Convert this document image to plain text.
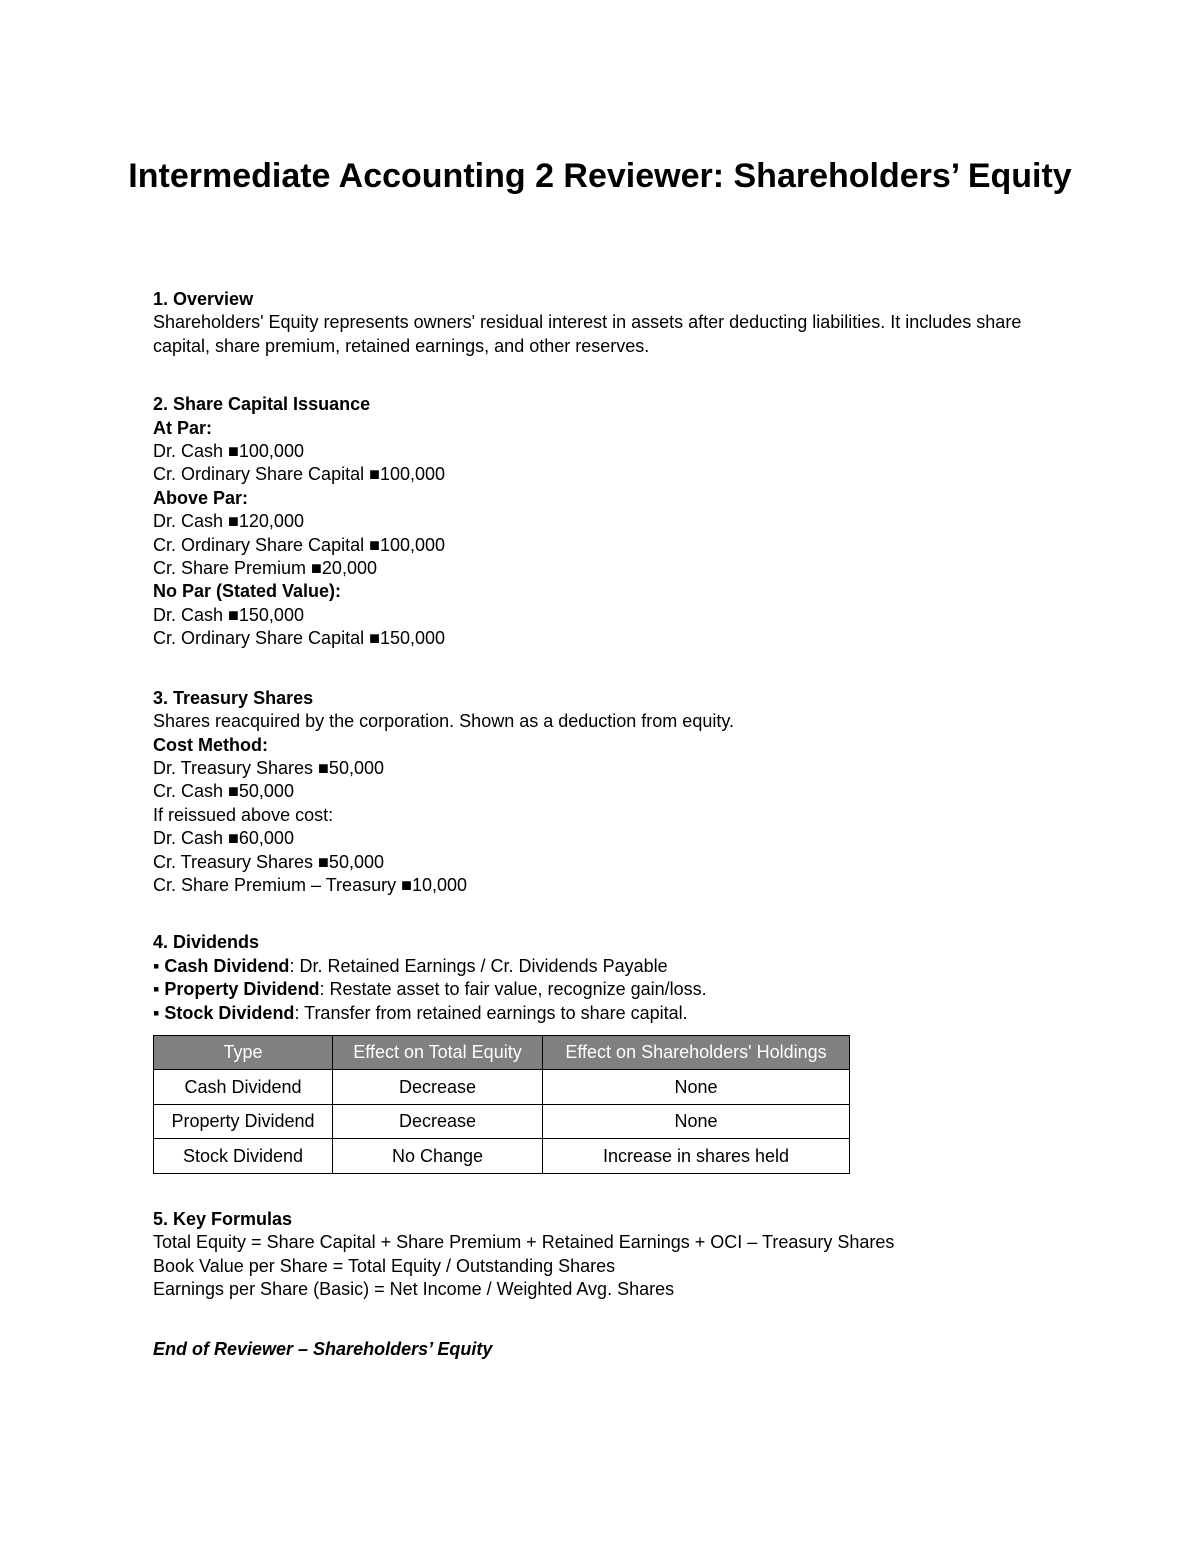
Intermediate Accounting 2 Reviewer: Shareholders’ Equity
1. Overview
Shareholders' Equity represents owners' residual interest in assets after deducting liabilities. It includes share capital, share premium, retained earnings, and other reserves.
2. Share Capital Issuance
At Par:
Dr. Cash ■100,000
Cr. Ordinary Share Capital ■100,000
Above Par:
Dr. Cash ■120,000
Cr. Ordinary Share Capital ■100,000
Cr. Share Premium ■20,000
No Par (Stated Value):
Dr. Cash ■150,000
Cr. Ordinary Share Capital ■150,000
3. Treasury Shares
Shares reacquired by the corporation. Shown as a deduction from equity.
Cost Method:
Dr. Treasury Shares ■50,000
Cr. Cash ■50,000
If reissued above cost:
Dr. Cash ■60,000
Cr. Treasury Shares ■50,000
Cr. Share Premium – Treasury ■10,000
4. Dividends
▪ Cash Dividend: Dr. Retained Earnings / Cr. Dividends Payable
▪ Property Dividend: Restate asset to fair value, recognize gain/loss.
▪ Stock Dividend: Transfer from retained earnings to share capital.
Type	Effect on Total Equity	Effect on Shareholders' Holdings
Cash Dividend	Decrease	None
Property Dividend	Decrease	None
Stock Dividend	No Change	Increase in shares held
5. Key Formulas
Total Equity = Share Capital + Share Premium + Retained Earnings + OCI – Treasury Shares
Book Value per Share = Total Equity / Outstanding Shares
Earnings per Share (Basic) = Net Income / Weighted Avg. Shares
End of Reviewer – Shareholders’ Equity
